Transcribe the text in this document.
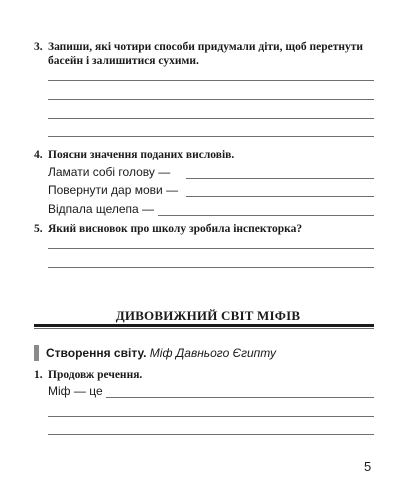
3. Запиши, які чотири способи придумали діти, щоб перетнути
басейн і залишитися сухими.
4. Поясни значення поданих висловів.
Ламати собі голову —
Повернути дар мови —
Відпала щелепа —
5. Який висновок про школу зробила інспекторка?
ДИВОВИЖНИЙ СВІТ МІФІВ
Створення світу. Міф Давнього Єгипту
1. Продовж речення.
Міф — це
5
